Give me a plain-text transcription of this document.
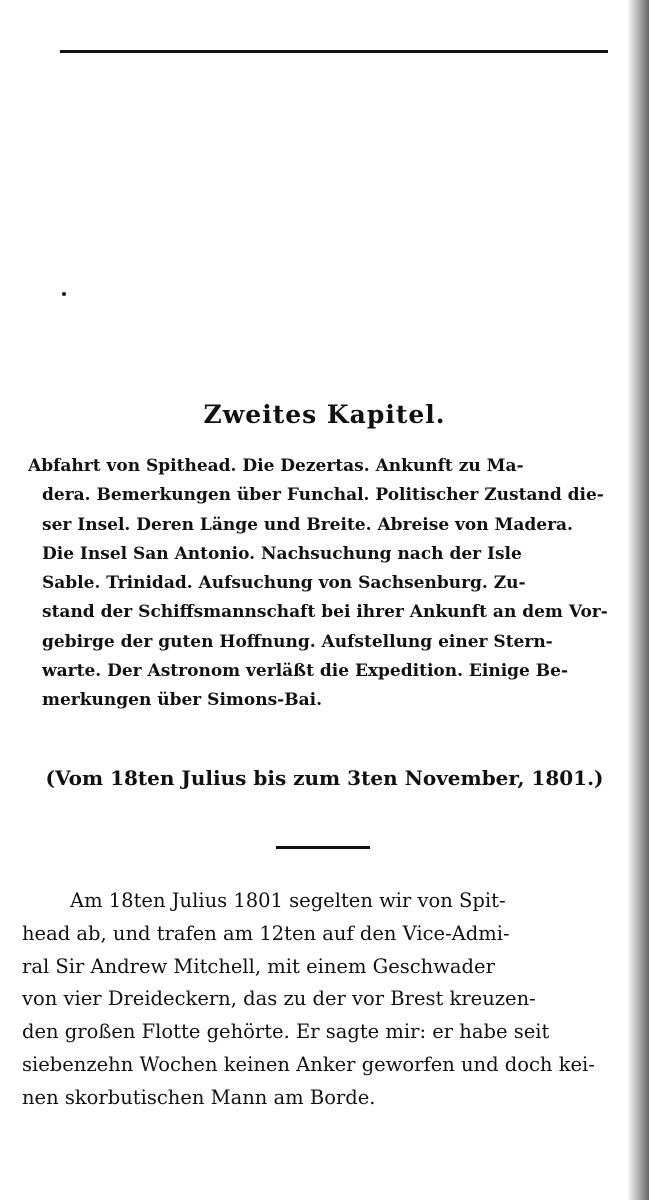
Zweites Kapitel.
Abfahrt von Spithead. Die Dezertas. Ankunft zu Ma-
dera. Bemerkungen über Funchal. Politischer Zustand die-
ser Insel. Deren Länge und Breite. Abreise von Madera.
Die Insel San Antonio. Nachsuchung nach der Isle
Sable. Trinidad. Aufsuchung von Sachsenburg. Zu-
stand der Schiffsmannschaft bei ihrer Ankunft an dem Vor-
gebirge der guten Hoffnung. Aufstellung einer Stern-
warte. Der Astronom verläßt die Expedition. Einige Be-
merkungen über Simons-Bai.

(Vom 18ten Julius bis zum 3ten November, 1801.)

Am 18ten Julius 1801 segelten wir von Spit-
head ab, und trafen am 12ten auf den Vice-Admi-
ral Sir Andrew Mitchell, mit einem Geschwader
von vier Dreideckern, das zu der vor Brest kreuzen-
den großen Flotte gehörte. Er sagte mir: er habe seit
siebenzehn Wochen keinen Anker geworfen und doch kei-
nen skorbutischen Mann am Borde.
